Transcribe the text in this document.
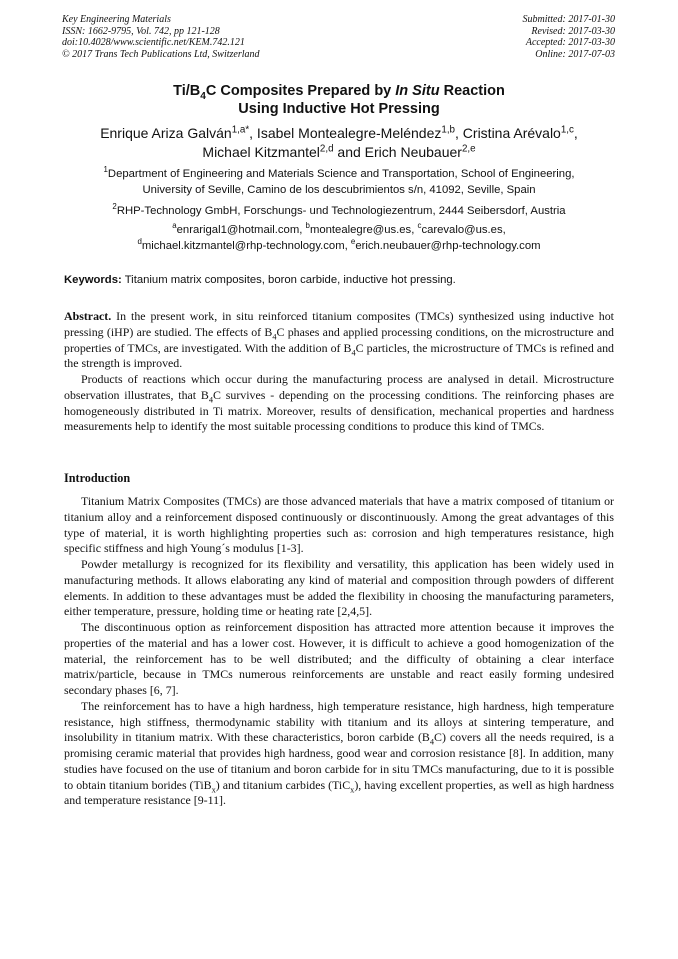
Key Engineering Materials
ISSN: 1662-9795, Vol. 742, pp 121-128
doi:10.4028/www.scientific.net/KEM.742.121
© 2017 Trans Tech Publications Ltd, Switzerland
Submitted: 2017-01-30
Revised: 2017-03-30
Accepted: 2017-03-30
Online: 2017-07-03
$Ti/B_4C$ Composites Prepared by In Situ Reaction
Using Inductive Hot Pressing
Enrique Ariza Galván$^{1,a*}$, Isabel Montealegre-Meléndez$^{1,b}$, Cristina Arévalo$^{1,c}$,
Michael Kitzmantel$^{2,d}$ and Erich Neubauer$^{2,e}$
$^1$Department of Engineering and Materials Science and Transportation, School of Engineering,
University of Seville, Camino de los descubrimientos s/n, 41092, Seville, Spain
$^2$RHP-Technology GmbH, Forschungs- und Technologiezentrum, 2444 Seibersdorf, Austria
$^a$enrarigal1@hotmail.com, $^b$montealegre@us.es, $^c$carevalo@us.es,
$^d$michael.kitzmantel@rhp-technology.com, $^e$erich.neubauer@rhp-technology.com
Keywords: Titanium matrix composites, boron carbide, inductive hot pressing.

Abstract. In the present work, in situ reinforced titanium composites (TMCs) synthesized using inductive hot pressing (iHP) are studied. The effects of $B_4C$ phases and applied processing conditions, on the microstructure and properties of TMCs, are investigated. With the addition of $B_4C$ particles, the microstructure of TMCs is refined and the strength is improved.

Products of reactions which occur during the manufacturing process are analysed in detail. Microstructure observation illustrates, that $B_4C$ survives - depending on the processing conditions. The reinforcing phases are homogeneously distributed in Ti matrix. Moreover, results of densification, mechanical properties and hardness measurements help to identify the most suitable processing conditions to produce this kind of TMCs.

Introduction

Titanium Matrix Composites (TMCs) are those advanced materials that have a matrix composed of titanium or titanium alloy and a reinforcement disposed continuously or discontinuously. Among the great advantages of this type of material, it is worth highlighting properties such as: corrosion and high temperatures resistance, high specific stiffness and high Young´s modulus [1-3].

Powder metallurgy is recognized for its flexibility and versatility, this application has been widely used in manufacturing methods. It allows elaborating any kind of material and composition through powders of different elements. In addition to these advantages must be added the flexibility in choosing the manufacturing parameters, either temperature, pressure, holding time or heating rate [2,4,5].

The discontinuous option as reinforcement disposition has attracted more attention because it improves the properties of the material and has a lower cost. However, it is difficult to achieve a good homogenization of the material, the reinforcement has to be well distributed; and the difficulty of obtaining a clear interface matrix/particle, because in TMCs numerous reinforcements are unstable and react easily forming undesired secondary phases [6, 7].

The reinforcement has to have a high hardness, high temperature resistance, high hardness, high temperature resistance, high stiffness, thermodynamic stability with titanium and its alloys at sintering temperature, and insolubility in titanium matrix. With these characteristics, boron carbide $(B_4C)$ covers all the needs required, is a promising ceramic material that provides high hardness, good wear and corrosion resistance [8]. In addition, many studies have focused on the use of titanium and boron carbide for in situ TMCs manufacturing, due to it is possible to obtain titanium borides (TiB$_x$) and titanium carbides (TiC$_x$), having excellent properties, as well as high hardness and temperature resistance [9-11].
